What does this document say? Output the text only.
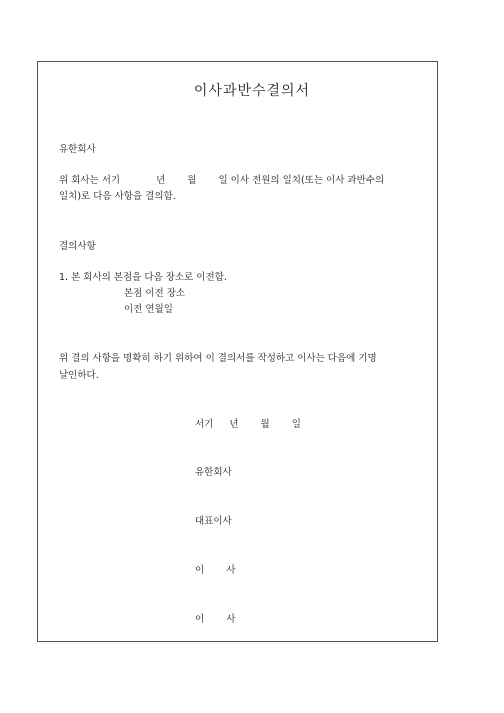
이사과반수결의서
유한회사
위 회사는 서기	년 월 일 이사 전원의 일치(또는 이사 과반수의
일치)로 다음 사항을 결의함.
결의사항
1. 본 회사의 본점을 다음 장소로 이전함.
본점 이전 장소
이전 연월일
위 결의 사항을 명확히 하기 위하여 이 결의서를 작성하고 이사는 다음에 기명
날인하다.
서기 년 월 일
유한회사
대표이사
이 사
이 사
